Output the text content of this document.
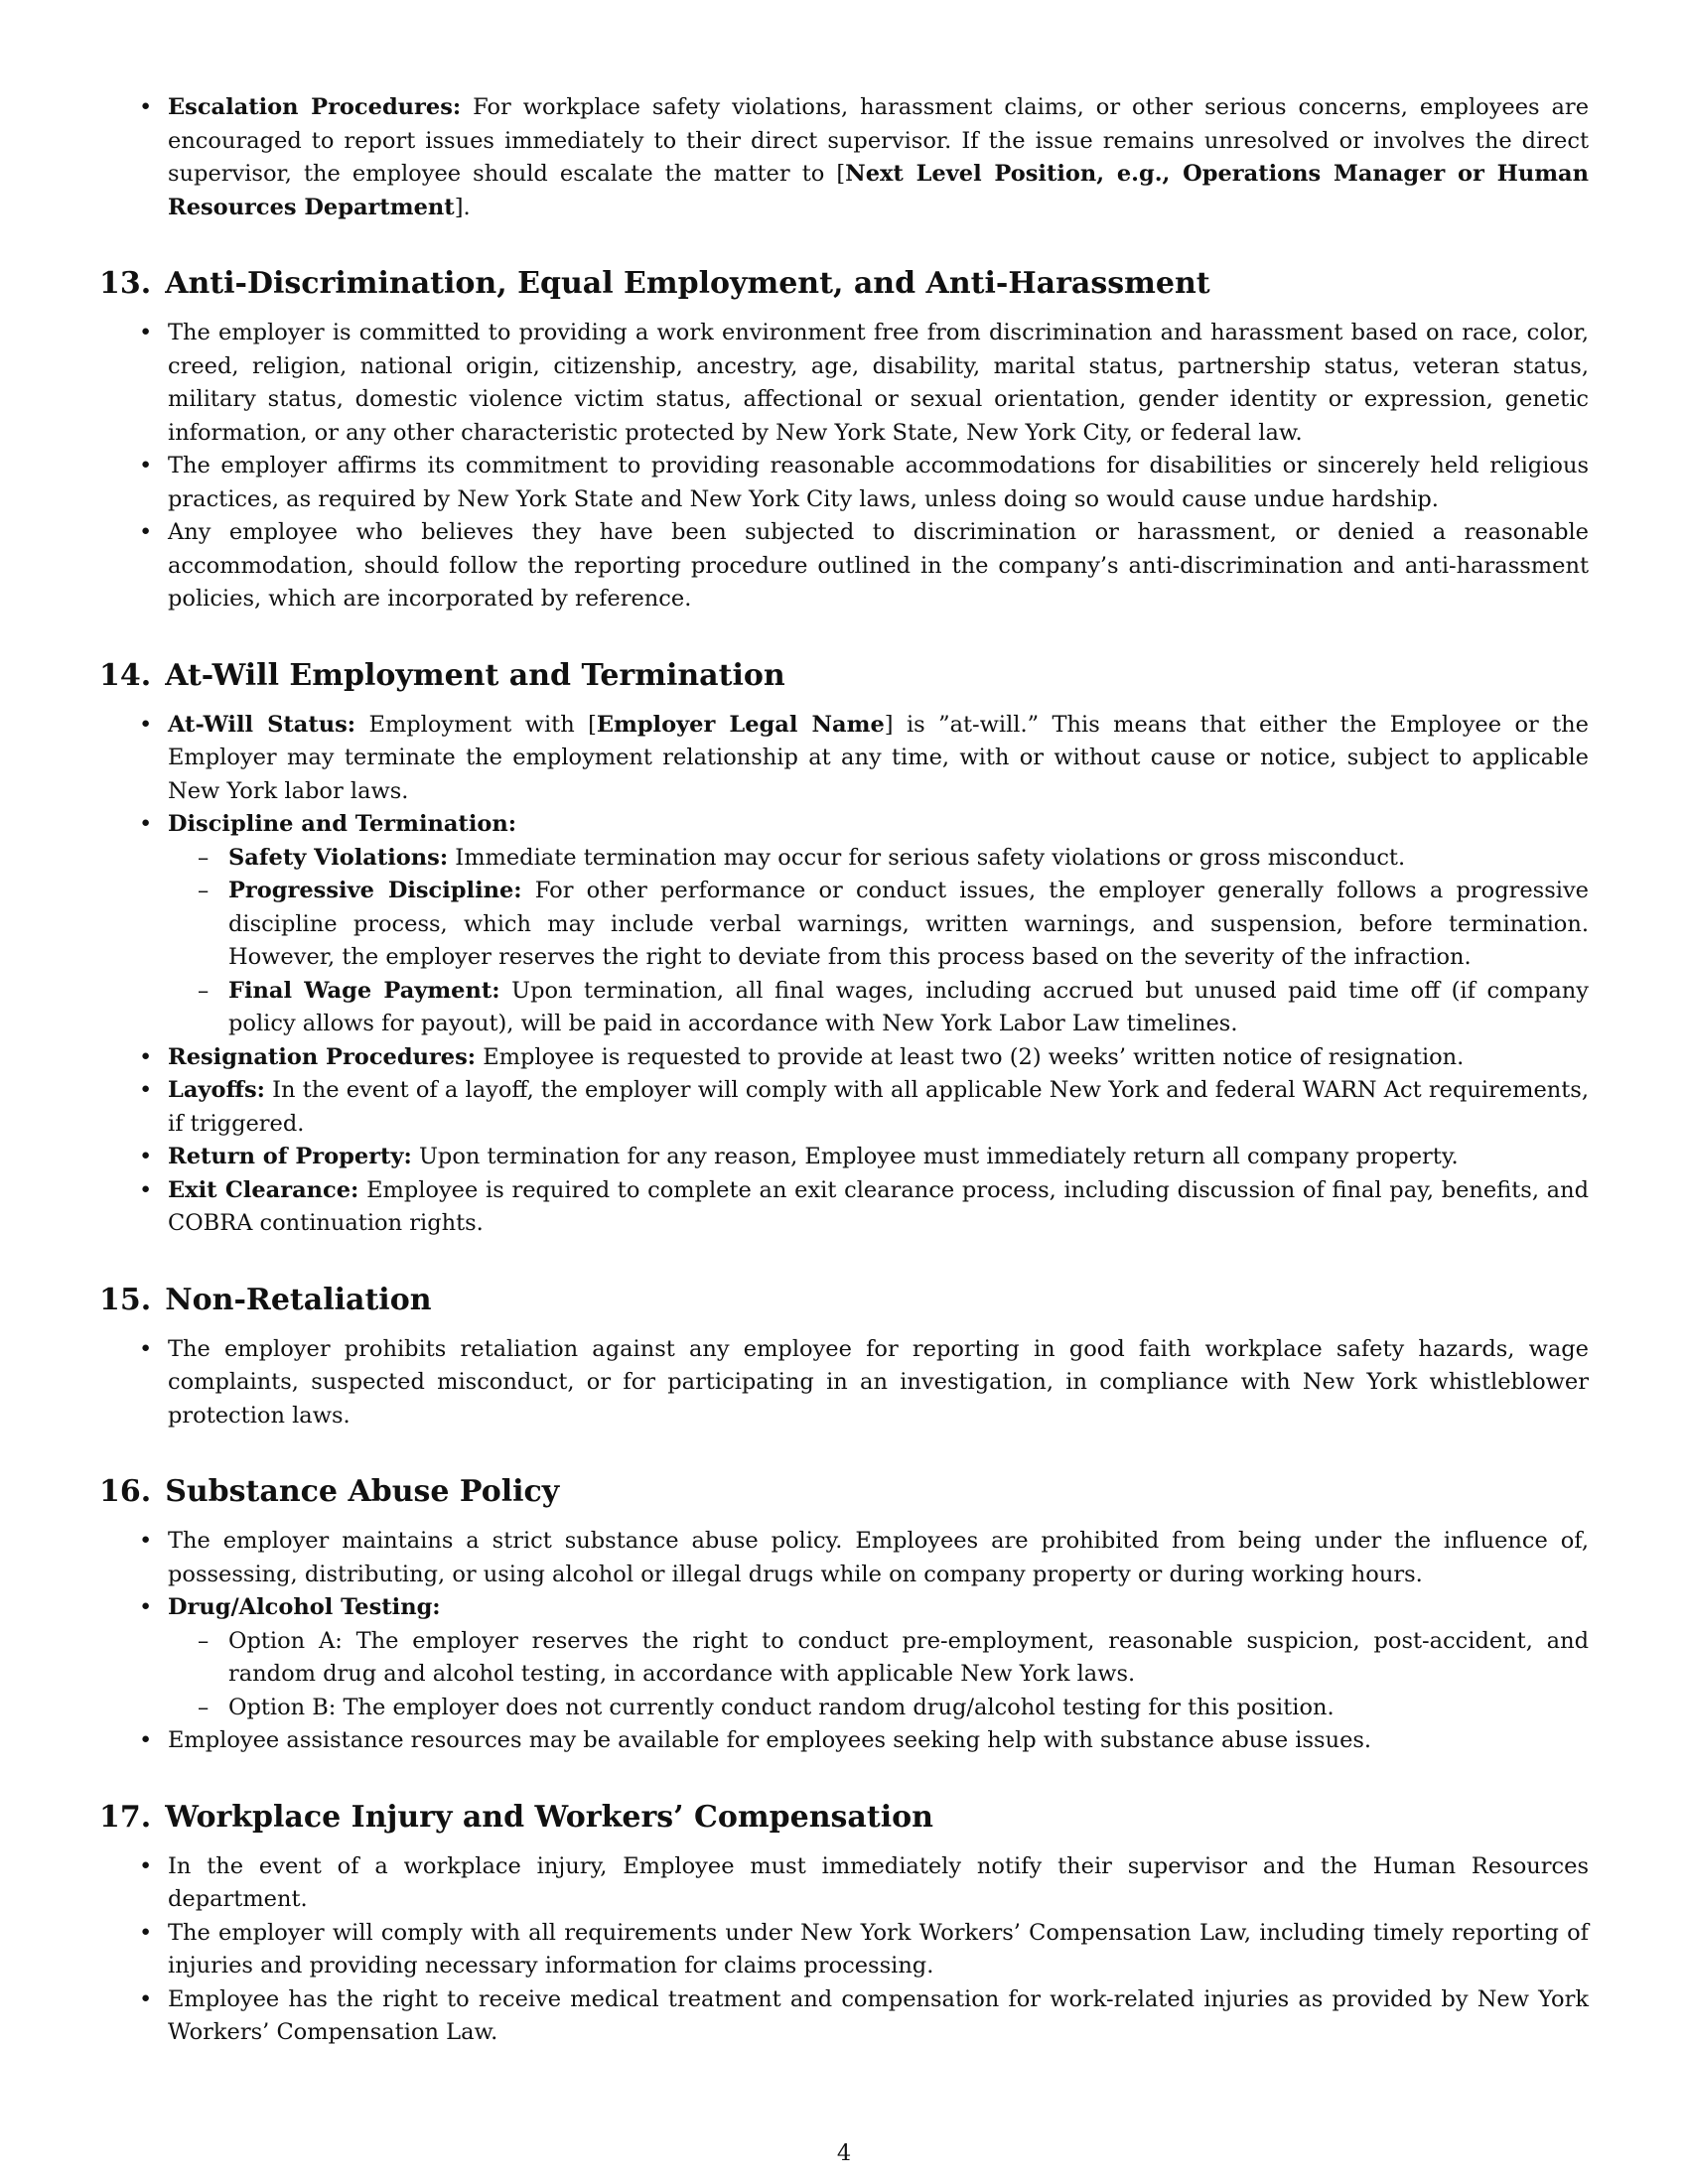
• Escalation Procedures: For workplace safety violations, harassment claims, or other serious concerns, employees are encouraged to report issues immediately to their direct supervisor. If the issue remains unresolved or involves the direct supervisor, the employee should escalate the matter to [Next Level Position, e.g., Operations Manager or Human Resources Department].
13. Anti-Discrimination, Equal Employment, and Anti-Harassment
• The employer is committed to providing a work environment free from discrimination and harassment based on race, color, creed, religion, national origin, citizenship, ancestry, age, disability, marital status, partnership status, veteran status, military status, domestic violence victim status, affectional or sexual orientation, gender identity or expression, genetic information, or any other characteristic protected by New York State, New York City, or federal law.
• The employer affirms its commitment to providing reasonable accommodations for disabilities or sincerely held religious practices, as required by New York State and New York City laws, unless doing so would cause undue hardship.
• Any employee who believes they have been subjected to discrimination or harassment, or denied a reasonable accommodation, should follow the reporting procedure outlined in the company’s anti-discrimination and anti-harassment policies, which are incorporated by reference.
14. At-Will Employment and Termination
• At-Will Status: Employment with [Employer Legal Name] is ”at-will.” This means that either the Employee or the Employer may terminate the employment relationship at any time, with or without cause or notice, subject to applicable New York labor laws.
• Discipline and Termination:
– Safety Violations: Immediate termination may occur for serious safety violations or gross misconduct.
– Progressive Discipline: For other performance or conduct issues, the employer generally follows a progressive discipline process, which may include verbal warnings, written warnings, and suspension, before termination. However, the employer reserves the right to deviate from this process based on the severity of the infraction.
– Final Wage Payment: Upon termination, all final wages, including accrued but unused paid time off (if company policy allows for payout), will be paid in accordance with New York Labor Law timelines.
• Resignation Procedures: Employee is requested to provide at least two (2) weeks’ written notice of resignation.
• Layoffs: In the event of a layoff, the employer will comply with all applicable New York and federal WARN Act requirements, if triggered.
• Return of Property: Upon termination for any reason, Employee must immediately return all company property.
• Exit Clearance: Employee is required to complete an exit clearance process, including discussion of final pay, benefits, and COBRA continuation rights.
15. Non-Retaliation
• The employer prohibits retaliation against any employee for reporting in good faith workplace safety hazards, wage complaints, suspected misconduct, or for participating in an investigation, in compliance with New York whistleblower protection laws.
16. Substance Abuse Policy
• The employer maintains a strict substance abuse policy. Employees are prohibited from being under the influence of, possessing, distributing, or using alcohol or illegal drugs while on company property or during working hours.
• Drug/Alcohol Testing:
– Option A: The employer reserves the right to conduct pre-employment, reasonable suspicion, post-accident, and random drug and alcohol testing, in accordance with applicable New York laws.
– Option B: The employer does not currently conduct random drug/alcohol testing for this position.
• Employee assistance resources may be available for employees seeking help with substance abuse issues.
17. Workplace Injury and Workers’ Compensation
• In the event of a workplace injury, Employee must immediately notify their supervisor and the Human Resources department.
• The employer will comply with all requirements under New York Workers’ Compensation Law, including timely reporting of injuries and providing necessary information for claims processing.
• Employee has the right to receive medical treatment and compensation for work-related injuries as provided by New York Workers’ Compensation Law.
4
